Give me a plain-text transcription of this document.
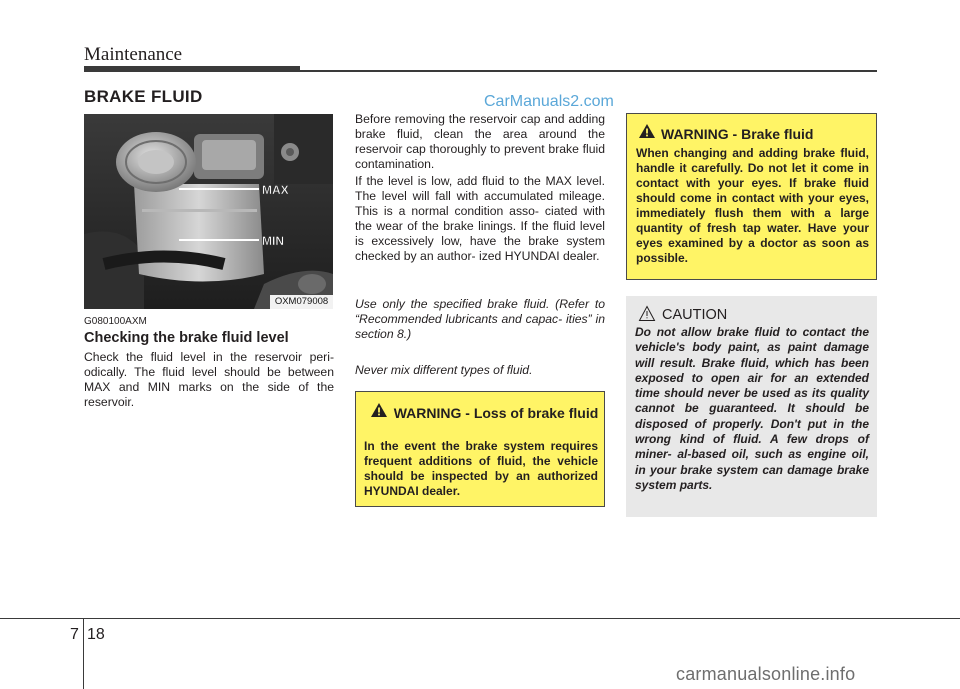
Maintenance
BRAKE FLUID	CarManuals2.com
MAX
MIN
OXM079008
G080100AXM
Checking the brake fluid level
Check the fluid level in the reservoir peri- odically. The fluid level should be between MAX and MIN marks on the side of the reservoir.
Before removing the reservoir cap and adding brake fluid, clean the area around the reservoir cap thoroughly to prevent brake fluid contamination.
If the level is low, add fluid to the MAX level. The level will fall with accumulated mileage. This is a normal condition asso- ciated with the wear of the brake linings. If the fluid level is excessively low, have the brake system checked by an author- ized HYUNDAI dealer.
Use only the specified brake fluid. (Refer to “Recommended lubricants and capac- ities” in section 8.)
Never mix different types of fluid.
WARNING - Loss of brake fluid
In the event the brake system requires frequent additions of fluid, the vehicle should be inspected by an authorized HYUNDAI dealer.
WARNING - Brake fluid
When changing and adding brake fluid, handle it carefully. Do not let it come in contact with your eyes. If brake fluid should come in contact with your eyes, immediately flush them with a large quantity of fresh tap water. Have your eyes examined by a doctor as soon as possible.
CAUTION
Do not allow brake fluid to contact the vehicle's body paint, as paint damage will result. Brake fluid, which has been exposed to open air for an extended time should never be used as its quality cannot be guaranteed. It should be disposed of properly. Don't put in the wrong kind of fluid. A few drops of miner- al-based oil, such as engine oil, in your brake system can damage brake system parts.
7 18
carmanualsonline.info
